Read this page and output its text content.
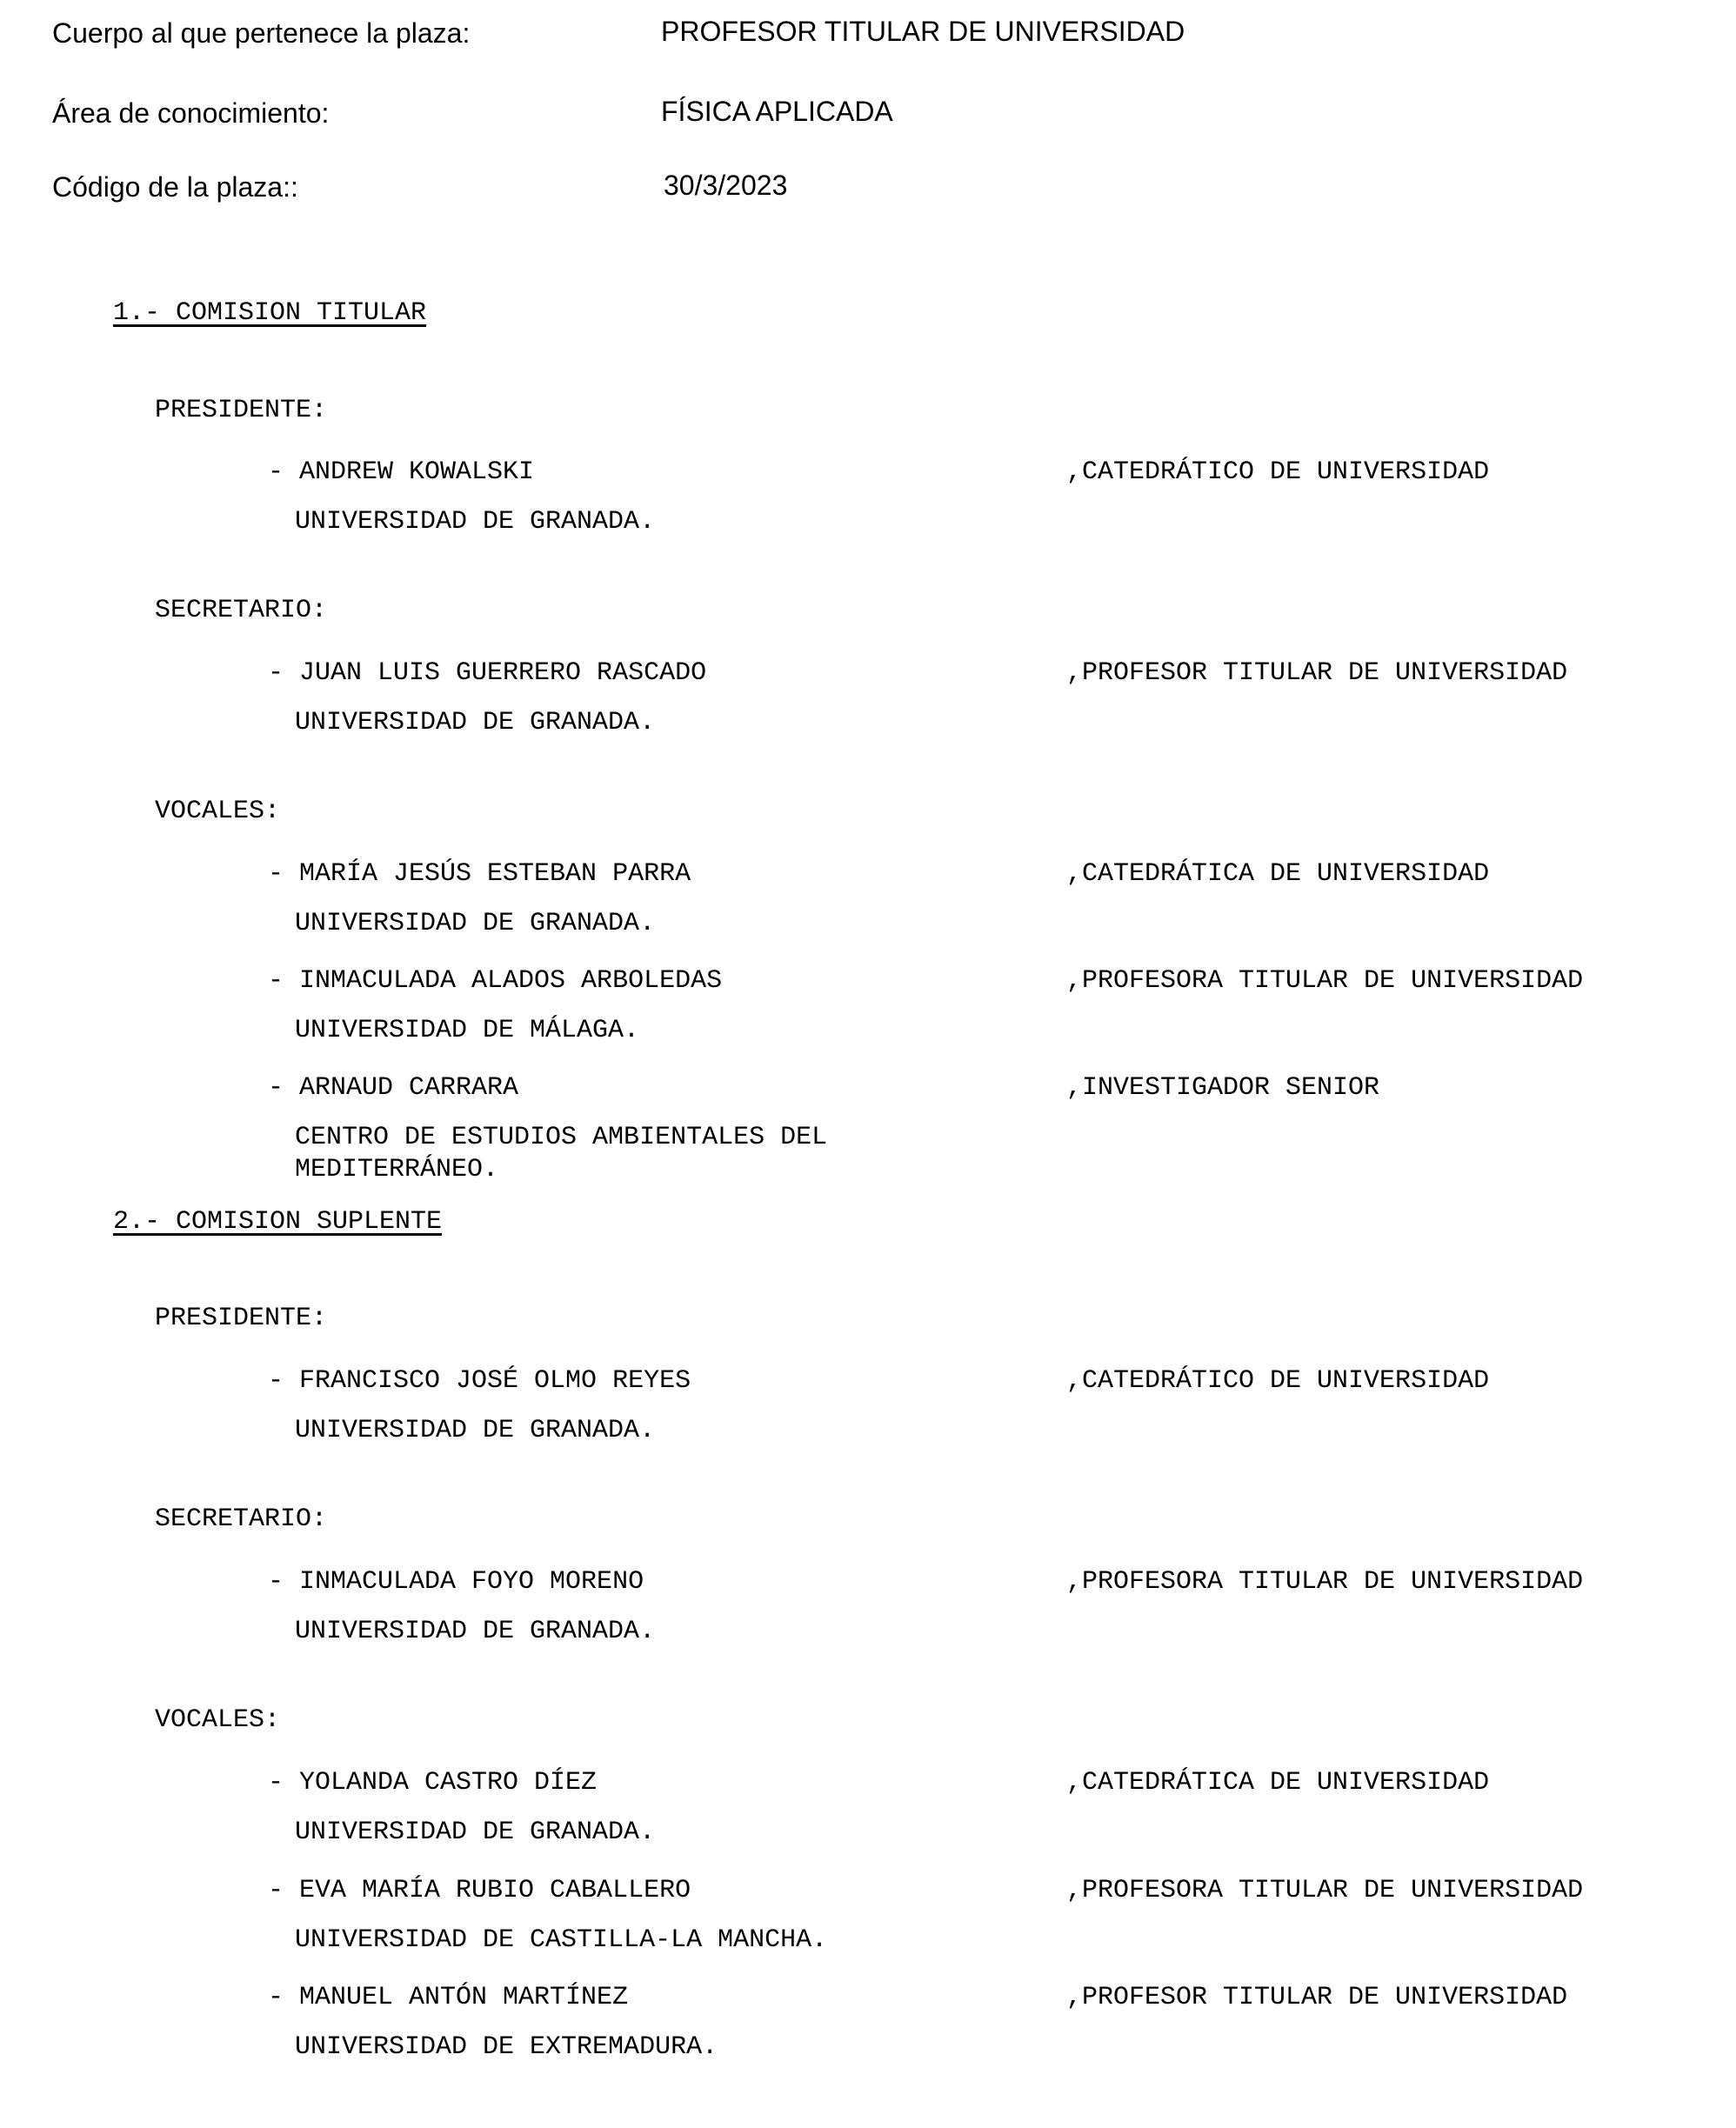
Cuerpo al que pertenece la plaza:	PROFESOR TITULAR DE UNIVERSIDAD
Área de conocimiento:	FÍSICA APLICADA
Código de la plaza::	30/3/2023
1.- COMISION TITULAR
PRESIDENTE:
- ANDREW KOWALSKI	,CATEDRÁTICO DE UNIVERSIDAD
UNIVERSIDAD DE GRANADA.
SECRETARIO:
- JUAN LUIS GUERRERO RASCADO	,PROFESOR TITULAR DE UNIVERSIDAD
UNIVERSIDAD DE GRANADA.
VOCALES:
- MARÍA JESÚS ESTEBAN PARRA	,CATEDRÁTICA DE UNIVERSIDAD
UNIVERSIDAD DE GRANADA.
- INMACULADA ALADOS ARBOLEDAS	,PROFESORA TITULAR DE UNIVERSIDAD
UNIVERSIDAD DE MÁLAGA.
- ARNAUD CARRARA	,INVESTIGADOR SENIOR
CENTRO DE ESTUDIOS AMBIENTALES DEL
MEDITERRÁNEO.
2.- COMISION SUPLENTE
PRESIDENTE:
- FRANCISCO JOSÉ OLMO REYES	,CATEDRÁTICO DE UNIVERSIDAD
UNIVERSIDAD DE GRANADA.
SECRETARIO:
- INMACULADA FOYO MORENO	,PROFESORA TITULAR DE UNIVERSIDAD
UNIVERSIDAD DE GRANADA.
VOCALES:
- YOLANDA CASTRO DÍEZ	,CATEDRÁTICA DE UNIVERSIDAD
UNIVERSIDAD DE GRANADA.
- EVA MARÍA RUBIO CABALLERO	,PROFESORA TITULAR DE UNIVERSIDAD
UNIVERSIDAD DE CASTILLA-LA MANCHA.
- MANUEL ANTÓN MARTÍNEZ	,PROFESOR TITULAR DE UNIVERSIDAD
UNIVERSIDAD DE EXTREMADURA.
